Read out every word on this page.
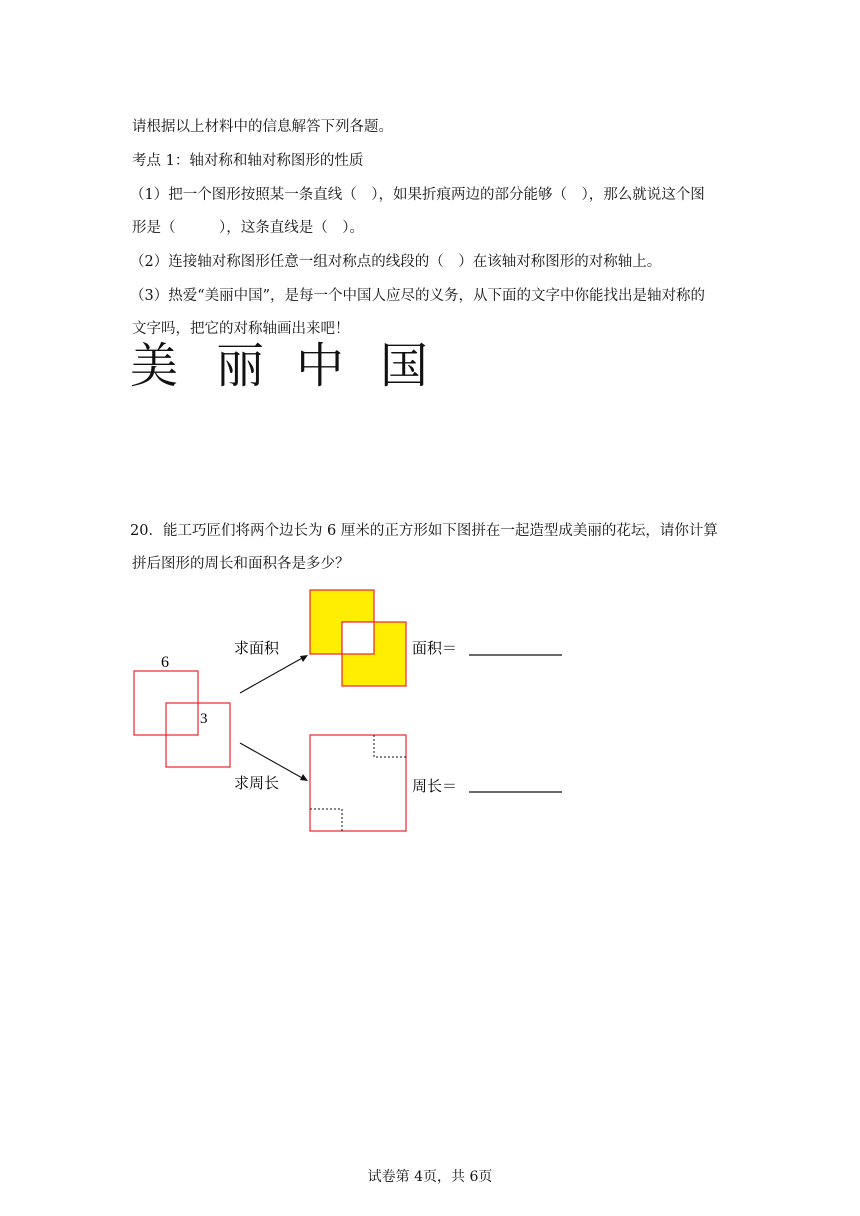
请根据以上材料中的信息解答下列各题。
考点 1：轴对称和轴对称图形的性质
（1）把一个图形按照某一条直线（　），如果折痕两边的部分能够（　），那么就说这个图
形是（　　　），这条直线是（　）。
（2）连接轴对称图形任意一组对称点的线段的（　）在该轴对称图形的对称轴上。
（3）热爱“美丽中国”，是每一个中国人应尽的义务，从下面的文字中你能找出是轴对称的
文字吗，把它的对称轴画出来吧！
美 丽 中 国
20．能工巧匠们将两个边长为 6 厘米的正方形如下图拼在一起造型成美丽的花坛，请你计算
拼后图形的周长和面积各是多少？
6
3
求面积
求周长
面积＝
周长＝
试卷第 4页，共 6页
